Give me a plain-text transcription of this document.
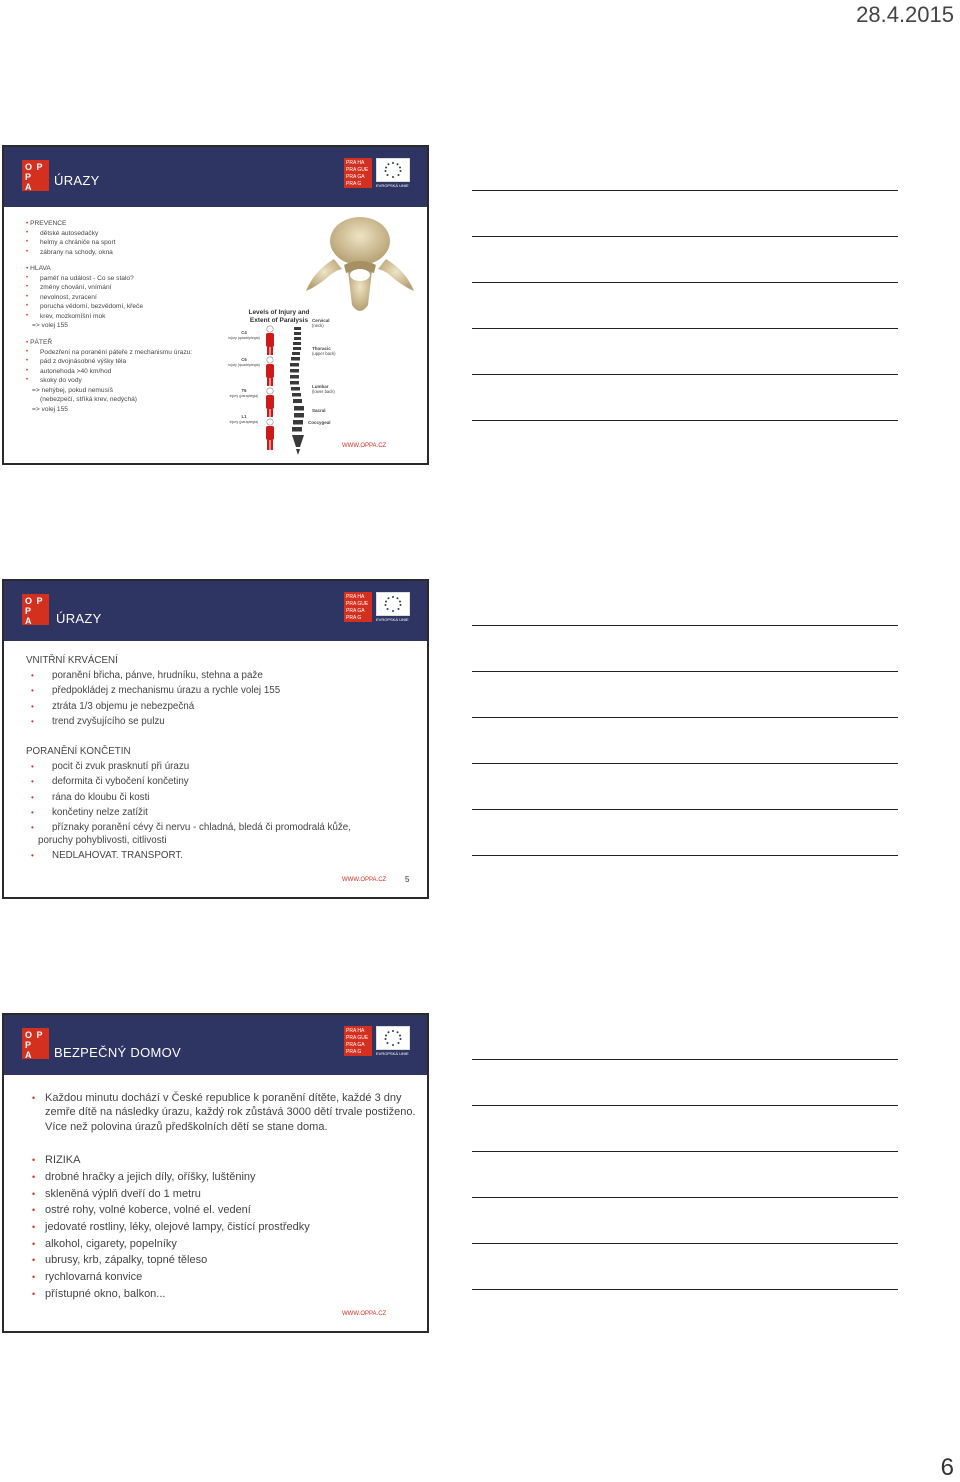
28.4.2015
O P
P
A	ÚRAZY
PRA HA
PRA GUE
PRA GA
PRA G	EVROPSKÁ UNIE
• PREVENCE
• dětské autosedačky
• helmy a chrániče na sport
• zábrany na schody, okna
• HLAVA
• paměť na událost - Co se stalo?
• změny chování, vnímání
• nevolnost, zvracení
• porucha vědomí, bezvědomí, křeče
• krev, mozkomíšní mok
=> volej 155
• PÁTEŘ
• Podezření na poranění páteře z mechanismu úrazu:
• pád z dvojnásobné výšky těla
• autonehoda >40 km/hod
• skoky do vody
=> nehýbej, pokud nemusíš
(nebezpečí, stříká krev, nedýchá)
=> volej 155
Levels of Injury and Extent of Paralysis
C4
injury (quadriplegia)
C6
injury (quadriplegia)
T6
injury (paraplegia)
L1
injury (paraplegia)
Cervical
(neck)
Thoracic
(upper back)
Lumbar
(lower back)
Sacral
Coccygeal
WWW.OPPA.CZ
O P
P
A	ÚRAZY
PRA HA
PRA GUE
PRA GA
PRA G	EVROPSKÁ UNIE
VNITŘNÍ KRVÁCENÍ
• poranění břicha, pánve, hrudníku, stehna a paže
• předpokládej z mechanismu úrazu a rychle volej 155
• ztráta 1/3 objemu je nebezpečná
• trend zvyšujícího se pulzu
PORANĚNÍ KONČETIN
• pocit či zvuk prasknutí při úrazu
• deformita či vybočení končetiny
• rána do kloubu či kosti
• končetiny nelze zatížit
• příznaky poranění cévy či nervu - chladná, bledá či promodralá kůže,
poruchy pohyblivosti, citlivosti
• NEDLAHOVAT. TRANSPORT.
WWW.OPPA.CZ 5
O P
P
A	BEZPEČNÝ DOMOV
PRA HA
PRA GUE
PRA GA
PRA G	EVROPSKÁ UNIE
• Každou minutu dochází v České republice k poranění dítěte, každé 3 dny zemře dítě na následky úrazu, každý rok zůstává 3000 dětí trvale postiženo. Více než polovina úrazů předškolních dětí se stane doma.
• RIZIKA
• drobné hračky a jejich díly, oříšky, luštěniny
• skleněná výplň dveří do 1 metru
• ostré rohy, volné koberce, volné el. vedení
• jedovaté rostliny, léky, olejové lampy, čistící prostředky
• alkohol, cigarety, popelníky
• ubrusy, krb, zápalky, topné těleso
• rychlovarná konvice
• přístupné okno, balkon...
WWW.OPPA.CZ
6
